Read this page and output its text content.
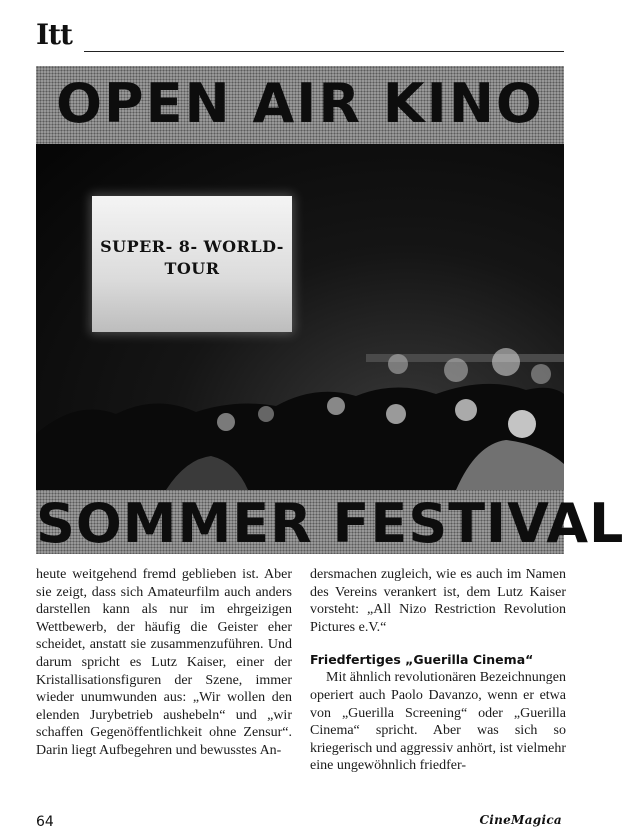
Itt
OPEN AIR KINO
SUPER- 8- WORLD- TOUR
SOMMER FESTIVAL

heute weitgehend fremd geblieben ist. Aber sie zeigt, dass sich Amateurfilm auch anders darstellen kann als nur im ehrgeizigen Wettbewerb, der häufig die Geister eher scheidet, anstatt sie zusammenzuführen. Und darum spricht es Lutz Kaiser, einer der Kristallisationsfiguren der Szene, immer wieder unumwunden aus: „Wir wollen den elenden Jurybetrieb aushebeln“ und „wir schaffen Gegenöffentlichkeit ohne Zensur“. Darin liegt Aufbegehren und bewusstes An-

dersmachen zugleich, wie es auch im Namen des Vereins verankert ist, dem Lutz Kaiser vorsteht: „All Nizo Restriction Revolution Pictures e.V.“

Friedfertiges „Guerilla Cinema“

Mit ähnlich revolutionären Bezeichnungen operiert auch Paolo Davanzo, wenn er etwa von „Guerilla Screening“ oder „Guerilla Cinema“ spricht. Aber was sich so kriegerisch und aggressiv anhört, ist vielmehr eine ungewöhnlich friedfer-

64	CineMagica
